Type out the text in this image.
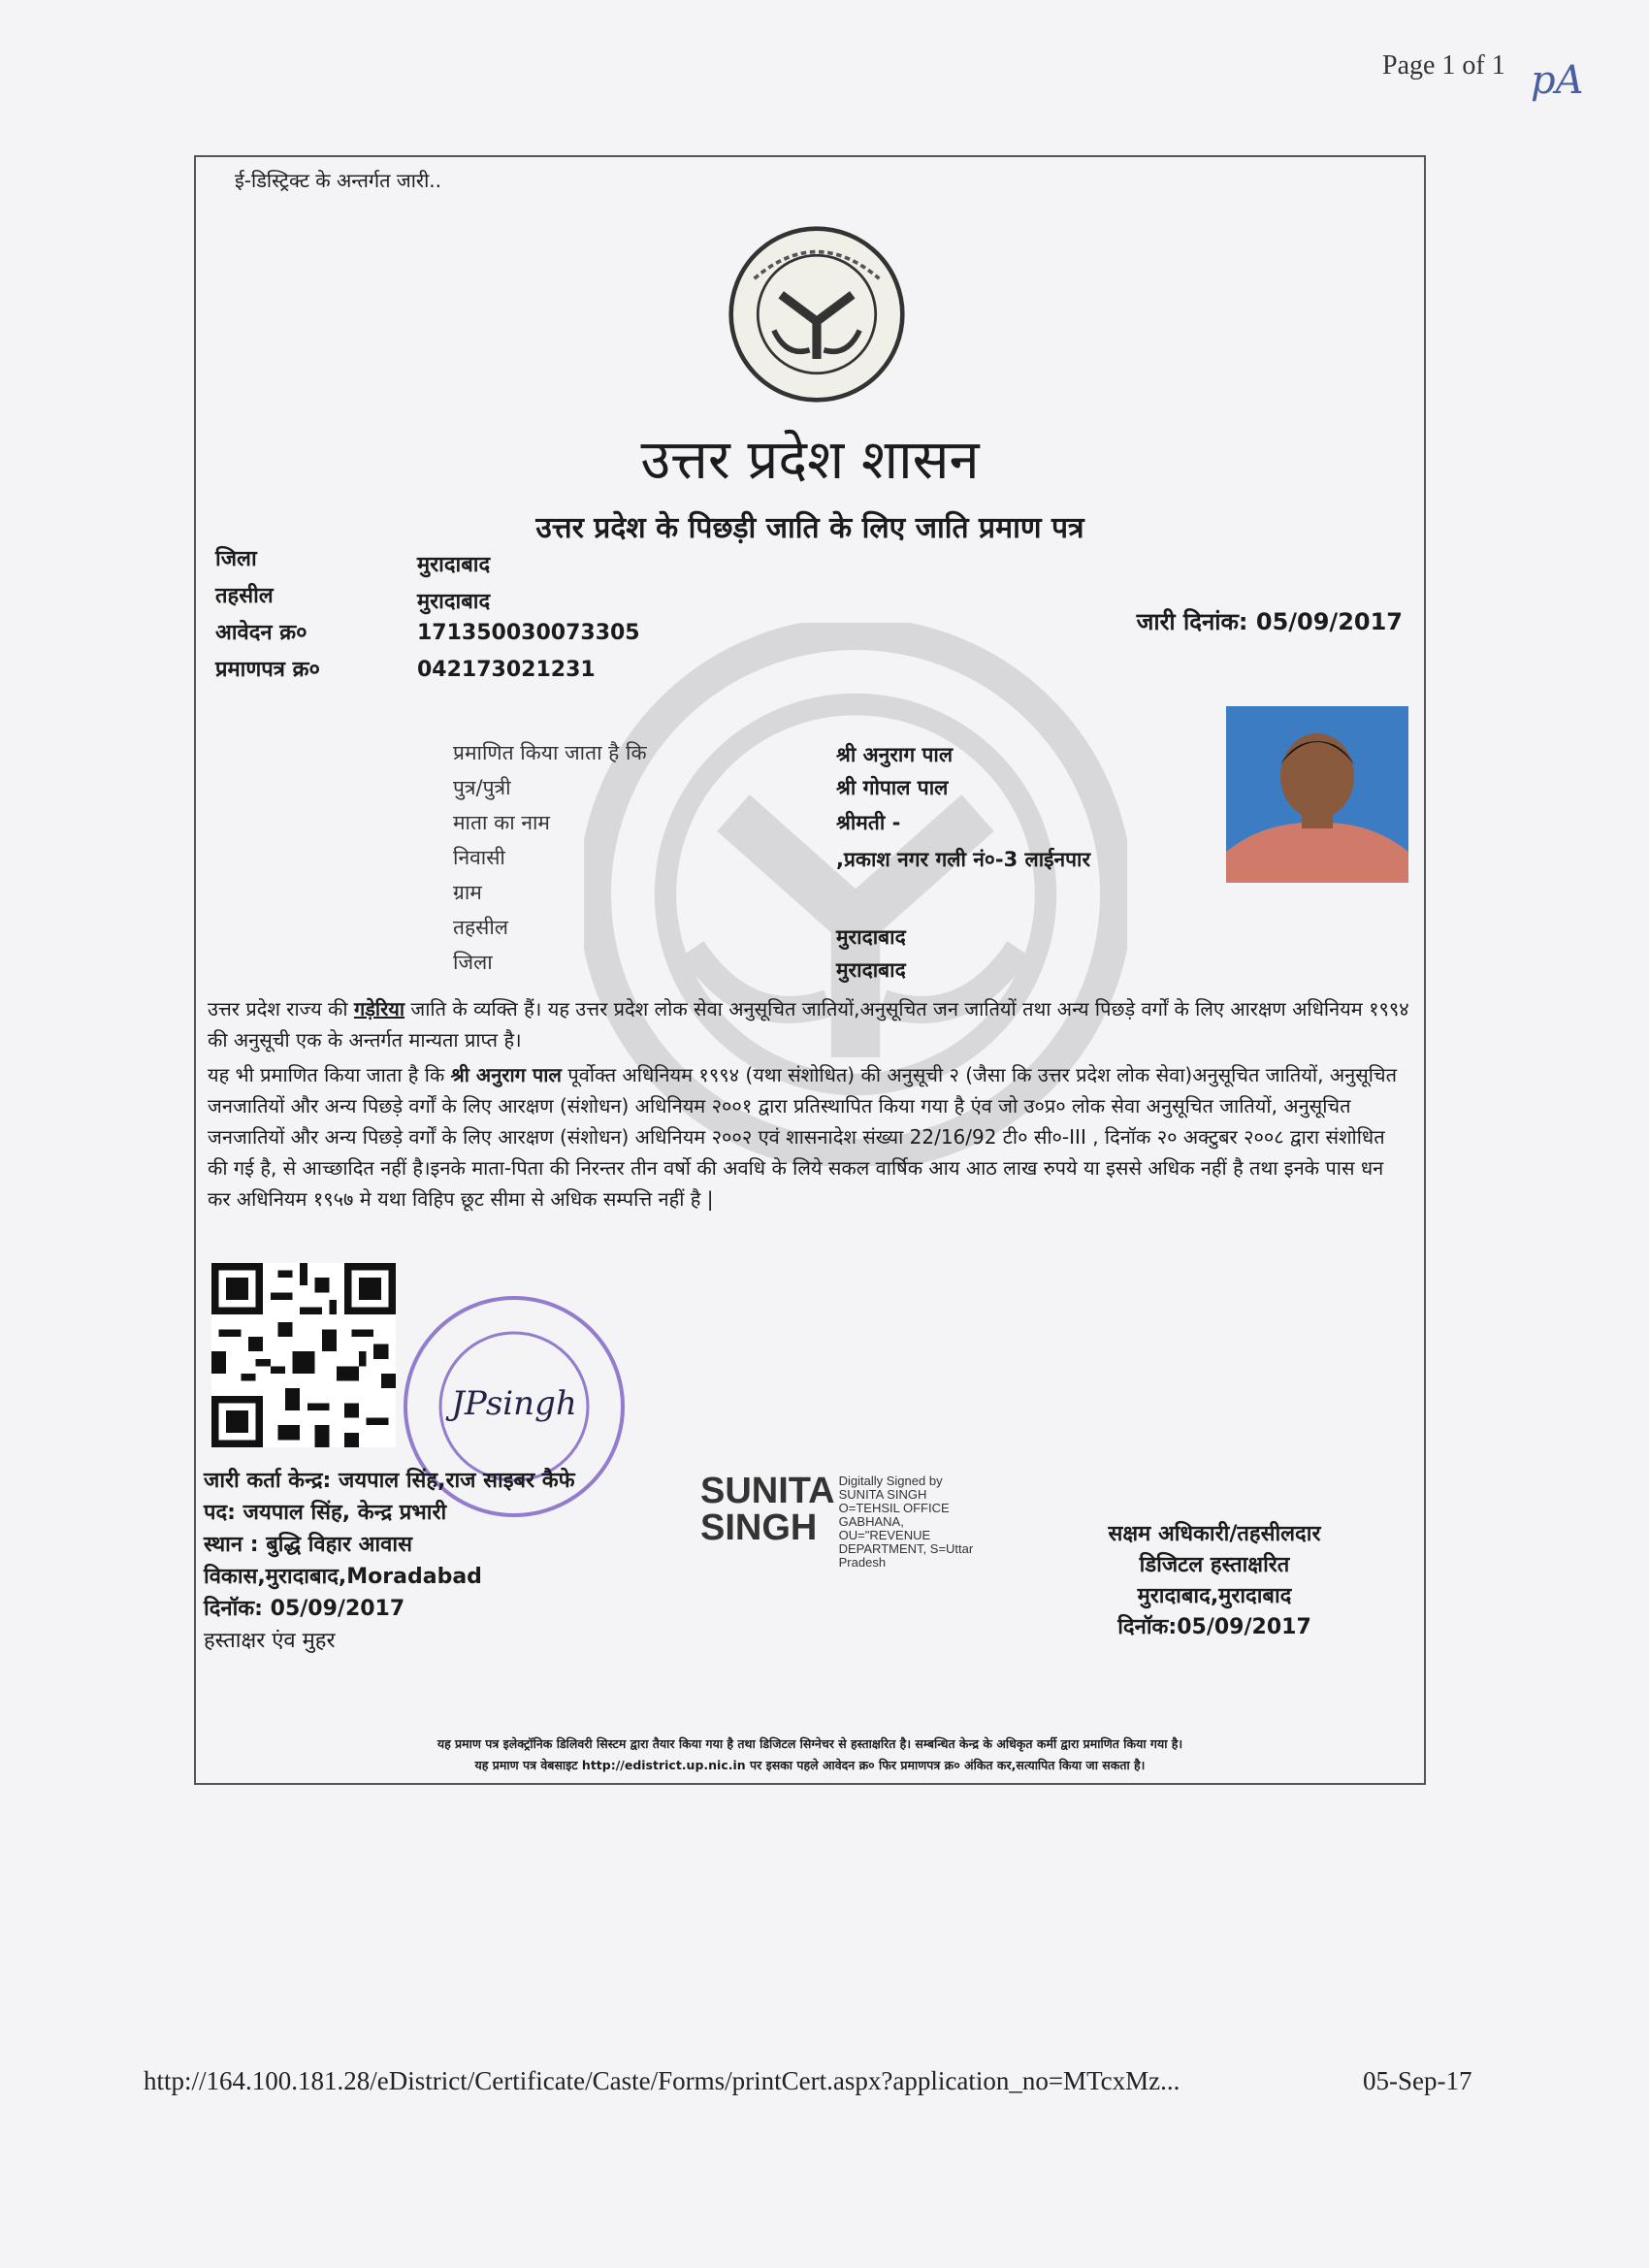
Page 1 of 1 pA
ई-डिस्ट्रिक्ट के अन्तर्गत जारी..
उत्तर प्रदेश शासन
उत्तर प्रदेश के पिछड़ी जाति के लिए जाति प्रमाण पत्र
जिला	मुरादाबाद
तहसील	मुरादाबाद
आवेदन क्र०	171350030073305
प्रमाणपत्र क्र०	042173021231
जारी दिनांक: 05/09/2017
प्रमाणित किया जाता है कि	श्री अनुराग पाल
पुत्र/पुत्री	श्री गोपाल पाल
माता का नाम	श्रीमती -
निवासी	,प्रकाश नगर गली नं०-3 लाईनपार
ग्राम
तहसील	मुरादाबाद
जिला	मुरादाबाद

उत्तर प्रदेश राज्य की गड़ेरिया जाति के व्यक्ति हैं। यह उत्तर प्रदेश लोक सेवा अनुसूचित जातियों,अनुसूचित जन जातियों तथा अन्य पिछड़े वर्गों के लिए आरक्षण अधिनियम १९९४ की अनुसूची एक के अन्तर्गत मान्यता प्राप्त है।

यह भी प्रमाणित किया जाता है कि श्री अनुराग पाल पूर्वोक्त अधिनियम १९९४ (यथा संशोधित) की अनुसूची २ (जैसा कि उत्तर प्रदेश लोक सेवा)अनुसूचित जातियों, अनुसूचित जनजातियों और अन्य पिछड़े वर्गों के लिए आरक्षण (संशोधन) अधिनियम २००१ द्वारा प्रतिस्थापित किया गया है एंव जो उ०प्र० लोक सेवा अनुसूचित जातियों, अनुसूचित जनजातियों और अन्य पिछड़े वर्गों के लिए आरक्षण (संशोधन) अधिनियम २००२ एवं शासनादेश संख्या 22/16/92 टी० सी०-III , दिनॉक २० अक्टुबर २००८ द्वारा संशोधित की गई है, से आच्छादित नहीं है।इनके माता-पिता की निरन्तर तीन वर्षो की अवधि के लिये सकल वार्षिक आय आठ लाख रुपये या इससे अधिक नहीं है तथा इनके पास धन कर अधिनियम १९५७ मे यथा विहिप छूट सीमा से अधिक सम्पत्ति नहीं है |

JPsingh
जारी कर्ता केन्द्र: जयपाल सिंह,राज साइबर कैफे
पद: जयपाल सिंह, केन्द्र प्रभारी
स्थान : बुद्धि विहार आवास विकास,मुरादाबाद,Moradabad
दिनॉक: 05/09/2017
हस्ताक्षर एंव मुहर
SUNITA
SINGH
Digitally Signed by SUNITA SINGH O=TEHSIL OFFICE GABHANA, OU="REVENUE DEPARTMENT, S=Uttar Pradesh
सक्षम अधिकारी/तहसीलदार
डिजिटल हस्ताक्षरित
मुरादाबाद,मुरादाबाद
दिनॉक:05/09/2017
यह प्रमाण पत्र इलेक्ट्रॉनिक डिलिवरी सिस्टम द्वारा तैयार किया गया है तथा डिजिटल सिग्नेचर से हस्ताक्षरित है। सम्बन्धित केन्द्र के अधिकृत कर्मी द्वारा प्रमाणित किया गया है।
यह प्रमाण पत्र वेबसाइट http://edistrict.up.nic.in पर इसका पहले आवेदन क्र० फिर प्रमाणपत्र क्र० अंकित कर,सत्यापित किया जा सकता है।
http://164.100.181.28/eDistrict/Certificate/Caste/Forms/printCert.aspx?application_no=MTcxMz...	05-Sep-17
